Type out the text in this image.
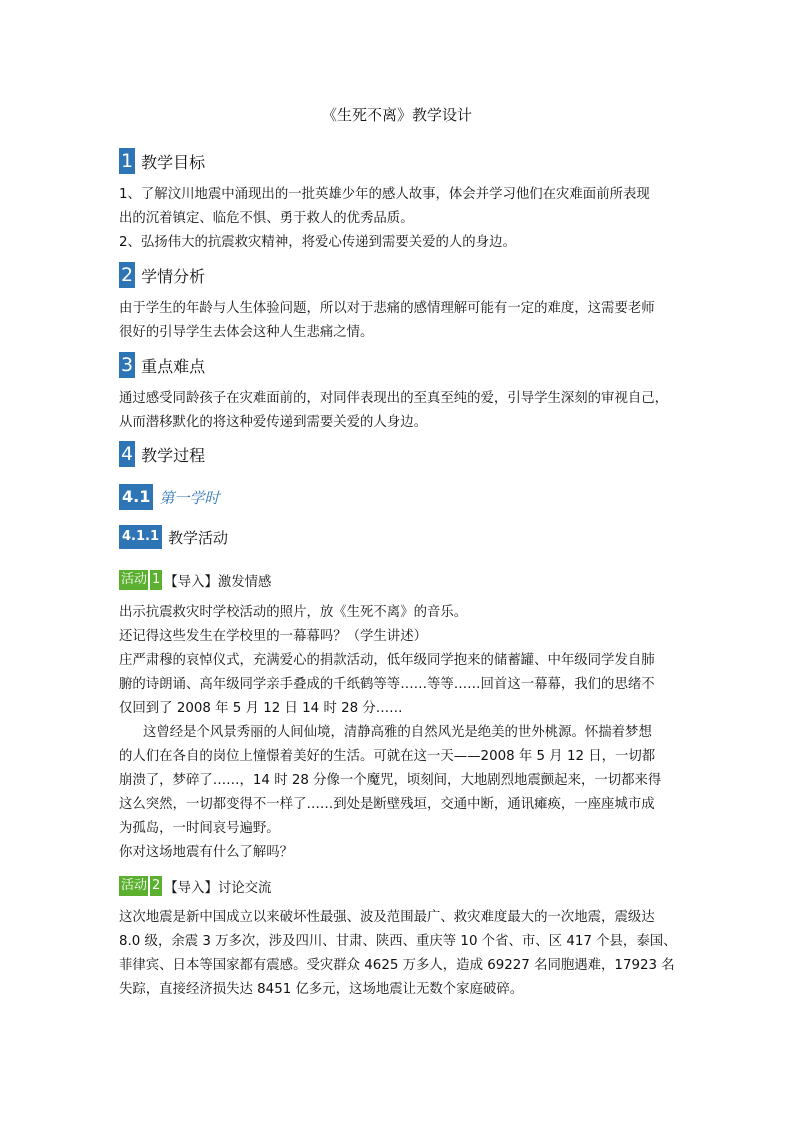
《生死不离》教学设计
1 教学目标

1、了解汶川地震中涌现出的一批英雄少年的感人故事，体会并学习他们在灾难面前所表现

出的沉着镇定、临危不惧、勇于救人的优秀品质。

2、弘扬伟大的抗震救灾精神，将爱心传递到需要关爱的人的身边。

2 学情分析

由于学生的年龄与人生体验问题，所以对于悲痛的感情理解可能有一定的难度，这需要老师

很好的引导学生去体会这种人生悲痛之情。

3 重点难点

通过感受同龄孩子在灾难面前的，对同伴表现出的至真至纯的爱，引导学生深刻的审视自己，

从而潜移默化的将这种爱传递到需要关爱的人身边。

4 教学过程
4.1 第一学时
4.1.1 教学活动
活动 1 【导入】激发情感

出示抗震救灾时学校活动的照片，放《生死不离》的音乐。

还记得这些发生在学校里的一幕幕吗？（学生讲述）

庄严肃穆的哀悼仪式，充满爱心的捐款活动，低年级同学抱来的储蓄罐、中年级同学发自肺

腑的诗朗诵、高年级同学亲手叠成的千纸鹤等等……等等……回首这一幕幕，我们的思绪不

仅回到了 2008 年 5 月 12 日 14 时 28 分……

这曾经是个风景秀丽的人间仙境，清静高雅的自然风光是绝美的世外桃源。怀揣着梦想

的人们在各自的岗位上憧憬着美好的生活。可就在这一天——2008 年 5 月 12 日，一切都

崩溃了，梦碎了……，14 时 28 分像一个魔咒，顷刻间，大地剧烈地震颤起来，一切都来得

这么突然，一切都变得不一样了……到处是断壁残垣，交通中断，通讯瘫痪，一座座城市成

为孤岛，一时间哀号遍野。

你对这场地震有什么了解吗？

活动 2 【导入】讨论交流

这次地震是新中国成立以来破坏性最强、波及范围最广、救灾难度最大的一次地震，震级达

8.0 级，余震 3 万多次，涉及四川、甘肃、陕西、重庆等 10 个省、市、区 417 个县，泰国、

菲律宾、日本等国家都有震感。受灾群众 4625 万多人，造成 69227 名同胞遇难，17923 名

失踪，直接经济损失达 8451 亿多元，这场地震让无数个家庭破碎。
